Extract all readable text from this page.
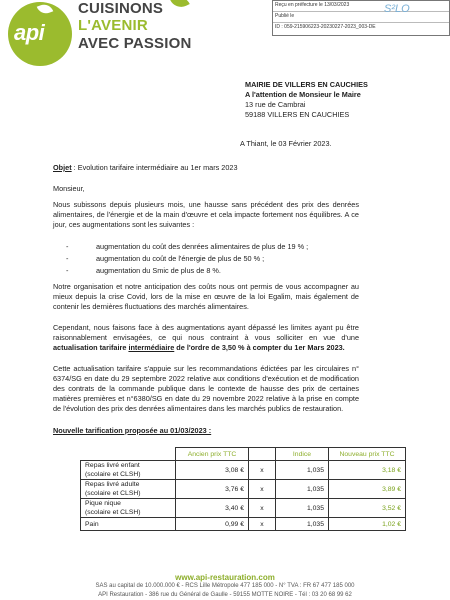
api
CUISINONS
L'AVENIR
AVEC PASSION
Reçu en préfecture le 13/03/2023
Publié le
ID : 059-215906223-20230227-2023_003-DE
S²LO
MAIRIE DE VILLERS EN CAUCHIES
A l'attention de Monsieur le Maire
13 rue de Cambrai
59188 VILLERS EN CAUCHIES
A Thiant, le 03 Février 2023.
Objet : Evolution tarifaire intermédiaire au 1er mars 2023
Monsieur,
Nous subissons depuis plusieurs mois, une hausse sans précédent des prix des denrées alimentaires, de l'énergie et de la main d'œuvre et cela impacte fortement nos équilibres. A ce jour, ces augmentations sont les suivantes :
- augmentation du coût des denrées alimentaires de plus de 19 % ;
- augmentation du coût de l'énergie de plus de 50 % ;
- augmentation du Smic de plus de 8 %.
Notre organisation et notre anticipation des coûts nous ont permis de vous accompagner au mieux depuis la crise Covid, lors de la mise en œuvre de la loi Egalim, mais également de contenir les dernières fluctuations des marchés alimentaires.
Cependant, nous faisons face à des augmentations ayant dépassé les limites ayant pu être raisonnablement envisagées, ce qui nous contraint à vous solliciter en vue d'une actualisation tarifaire intermédiaire de l'ordre de 3,50 % à compter du 1er Mars 2023.
Cette actualisation tarifaire s'appuie sur les recommandations édictées par les circulaires n° 6374/SG en date du 29 septembre 2022 relative aux conditions d'exécution et de modification des contrats de la commande publique dans le contexte de hausse des prix de certaines matières premières et n°6380/SG en date du 29 novembre 2022 relative à la prise en compte de l'évolution des prix des denrées alimentaires dans les marchés publics de restauration.
Nouvelle tarification proposée au 01/03/2023 :
	Ancien prix TTC		Indice	Nouveau prix TTC

Repas livré enfant
(scolaire et CLSH)	3,08 €	x	1,035	3,18 €

Repas livré adulte
(scolaire et CLSH)	3,76 €	x	1,035	3,89 €

Pique nique
(scolaire et CLSH)	3,40 €	x	1,035	3,52 €

Pain	0,99 €	x	1,035	1,02 €
www.api-restauration.com
SAS au capital de 10.000.000 € - RCS Lille Métropole 477 185 000 - N° TVA : FR 67 477 185 000
API Restauration - 386 rue du Général de Gaulle - 59155 MOTTE NOIRE - Tél : 03 20 68 99 62
